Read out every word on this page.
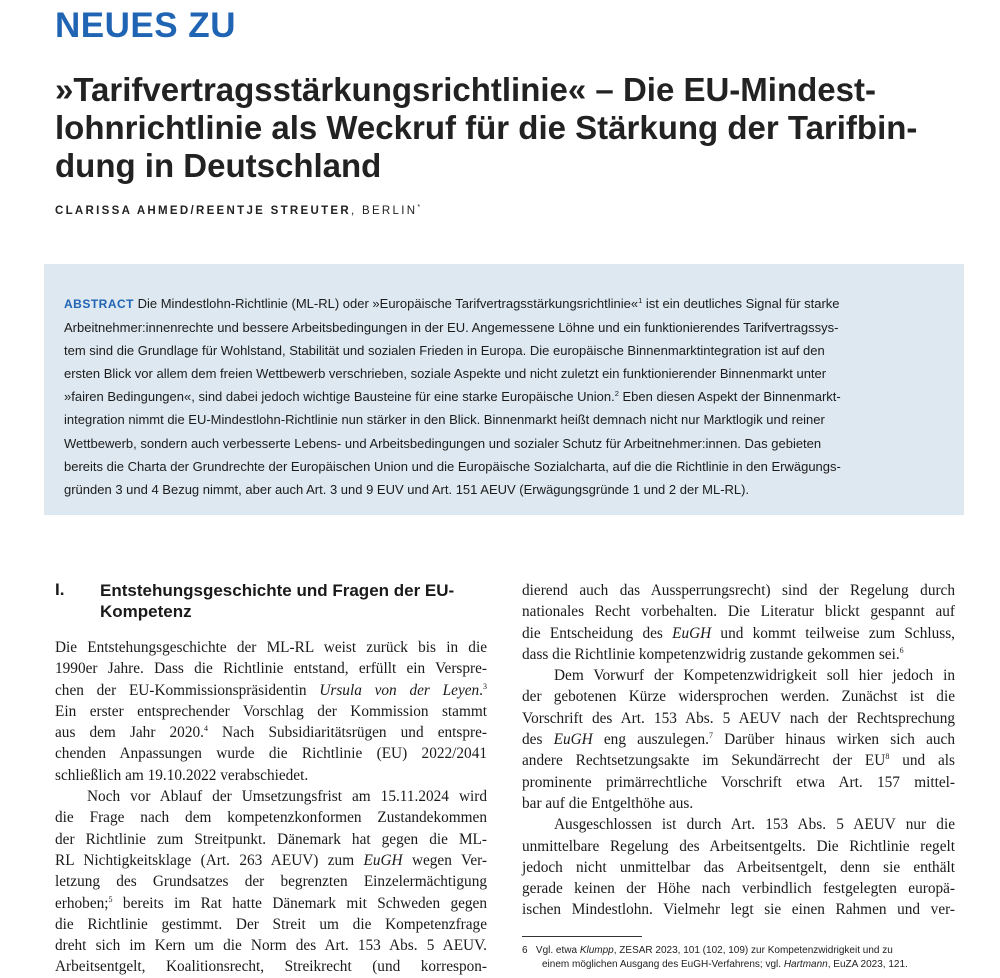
NEUES ZU
»Tarifvertragsstärkungsrichtlinie« – Die EU-Mindest-
lohnrichtlinie als Weckruf für die Stärkung der Tarifbin-
dung in Deutschland
CLARISSA AHMED/REENTJE STREUTER, BERLIN*
ABSTRACT Die Mindestlohn-Richtlinie (ML-RL) oder »Europäische Tarifvertragsstärkungsrichtlinie«$^1$ ist ein deutliches Signal für starke
Arbeitnehmer:innenrechte und bessere Arbeitsbedingungen in der EU. Angemessene Löhne und ein funktionierendes Tarifvertragssys-
tem sind die Grundlage für Wohlstand, Stabilität und sozialen Frieden in Europa. Die europäische Binnenmarktintegration ist auf den
ersten Blick vor allem dem freien Wettbewerb verschrieben, soziale Aspekte und nicht zuletzt ein funktionierender Binnenmarkt unter
»fairen Bedingungen«, sind dabei jedoch wichtige Bausteine für eine starke Europäische Union.$^2$ Eben diesen Aspekt der Binnenmarkt-
integration nimmt die EU-Mindestlohn-Richtlinie nun stärker in den Blick. Binnenmarkt heißt demnach nicht nur Marktlogik und reiner
Wettbewerb, sondern auch verbesserte Lebens- und Arbeitsbedingungen und sozialer Schutz für Arbeitnehmer:innen. Das gebieten
bereits die Charta der Grundrechte der Europäischen Union und die Europäische Sozialcharta, auf die die Richtlinie in den Erwägungs-
gründen 3 und 4 Bezug nimmt, aber auch Art. 3 und 9 EUV und Art. 151 AEUV (Erwägungsgründe 1 und 2 der ML-RL).
I. Entstehungsgeschichte und Fragen der EU-Kompetenz
Die Entstehungsgeschichte der ML-RL weist zurück bis in die
1990er Jahre. Dass die Richtlinie entstand, erfüllt ein Versprе-
chen der EU-Kommissionspräsidentin Ursula von der Leyen.$^3$
Ein erster entsprechender Vorschlag der Kommission stammt
aus dem Jahr 2020.$^4$ Nach Subsidiaritätsrügen und entspre-
chenden Anpassungen wurde die Richtlinie (EU) 2022/2041
schließlich am 19.10.2022 verabschiedet.
Noch vor Ablauf der Umsetzungsfrist am 15.11.2024 wird
die Frage nach dem kompetenzkonformen Zustandekommen
der Richtlinie zum Streitpunkt. Dänemark hat gegen die ML-
RL Nichtigkeitsklage (Art. 263 AEUV) zum EuGH wegen Ver-
letzung des Grundsatzes der begrenzten Einzelermächtigung
erhoben;$^5$ bereits im Rat hatte Dänemark mit Schweden gegen
die Richtlinie gestimmt. Der Streit um die Kompetenzfrage
dreht sich im Kern um die Norm des Art. 153 Abs. 5 AEUV.
Arbeitsentgelt, Koalitionsrecht, Streikrecht (und korrespon-
dierend auch das Aussperrungsrecht) sind der Regelung durch
nationales Recht vorbehalten. Die Literatur blickt gespannt auf
die Entscheidung des EuGH und kommt teilweise zum Schluss,
dass die Richtlinie kompetenzwidrig zustande gekommen sei.$^6$
Dem Vorwurf der Kompetenzwidrigkeit soll hier jedoch in
der gebotenen Kürze widersprochen werden. Zunächst ist die
Vorschrift des Art. 153 Abs. 5 AEUV nach der Rechtsprechung
des EuGH eng auszulegen.$^7$ Darüber hinaus wirken sich auch
andere Rechtsetzungsakte im Sekundärrecht der $EU^8$ und als
prominente primärrechtliche Vorschrift etwa Art. 157 mittel-
bar auf die Entgelthöhe aus.
Ausgeschlossen ist durch Art. 153 Abs. 5 AEUV nur die
unmittelbare Regelung des Arbeitsentgelts. Die Richtlinie regelt
jedoch nicht unmittelbar das Arbeitsentgelt, denn sie enthält
gerade keinen der Höhe nach verbindlich festgelegten europä-
ischen Mindestlohn. Vielmehr legt sie einen Rahmen und ver-
6 Vgl. etwa Klumpp, ZESAR 2023, 101 (102, 109) zur Kompetenzwidrigkeit und zu
einem möglichen Ausgang des EuGH-Verfahrens; vgl. Hartmann, EuZA 2023, 121.
